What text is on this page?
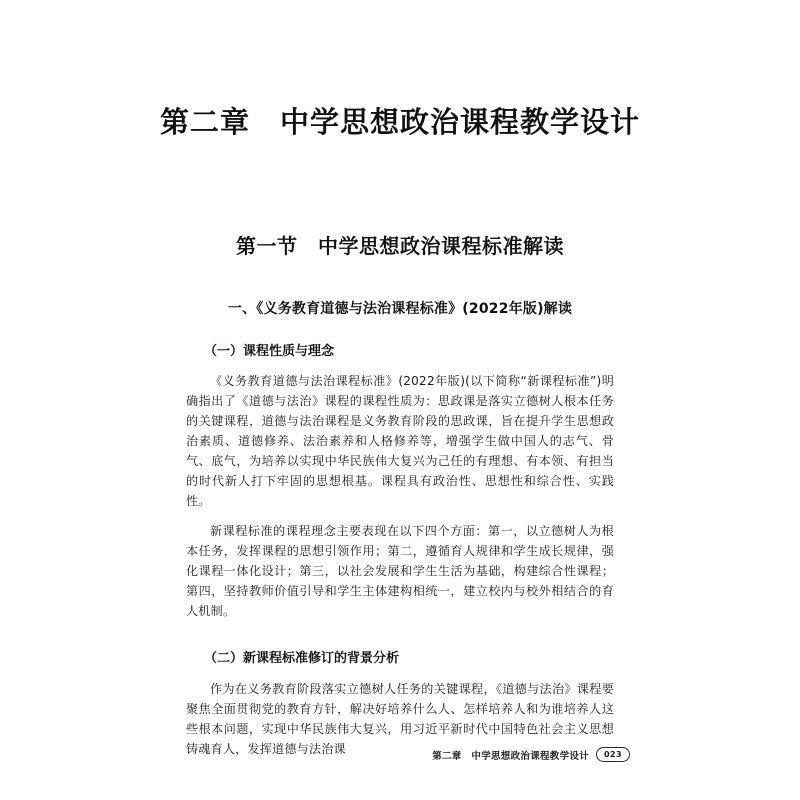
第二章　中学思想政治课程教学设计
第一节　中学思想政治课程标准解读
一、《义务教育道德与法治课程标准》(2022年版)解读
（一）课程性质与理念

《义务教育道德与法治课程标准》(2022年版)(以下简称“新课程标准”)明确指出了《道德与法治》课程的课程性质为：思政课是落实立德树人根本任务的关键课程，道德与法治课程是义务教育阶段的思政课，旨在提升学生思想政治素质、道德修养、法治素养和人格修养等，增强学生做中国人的志气、骨气、底气，为培养以实现中华民族伟大复兴为己任的有理想、有本领、有担当的时代新人打下牢固的思想根基。课程具有政治性、思想性和综合性、实践性。

新课程标准的课程理念主要表现在以下四个方面：第一，以立德树人为根本任务，发挥课程的思想引领作用；第二，遵循育人规律和学生成长规律，强化课程一体化设计；第三，以社会发展和学生生活为基础，构建综合性课程；第四，坚持教师价值引导和学生主体建构相统一，建立校内与校外相结合的育人机制。

（二）新课程标准修订的背景分析

作为在义务教育阶段落实立德树人任务的关键课程，《道德与法治》课程要聚焦全面贯彻党的教育方针，解决好培养什么人、怎样培养人和为谁培养人这些根本问题，实现中华民族伟大复兴，用习近平新时代中国特色社会主义思想铸魂育人，发挥道德与法治课

第二章　中学思想政治课程教学设计	023
